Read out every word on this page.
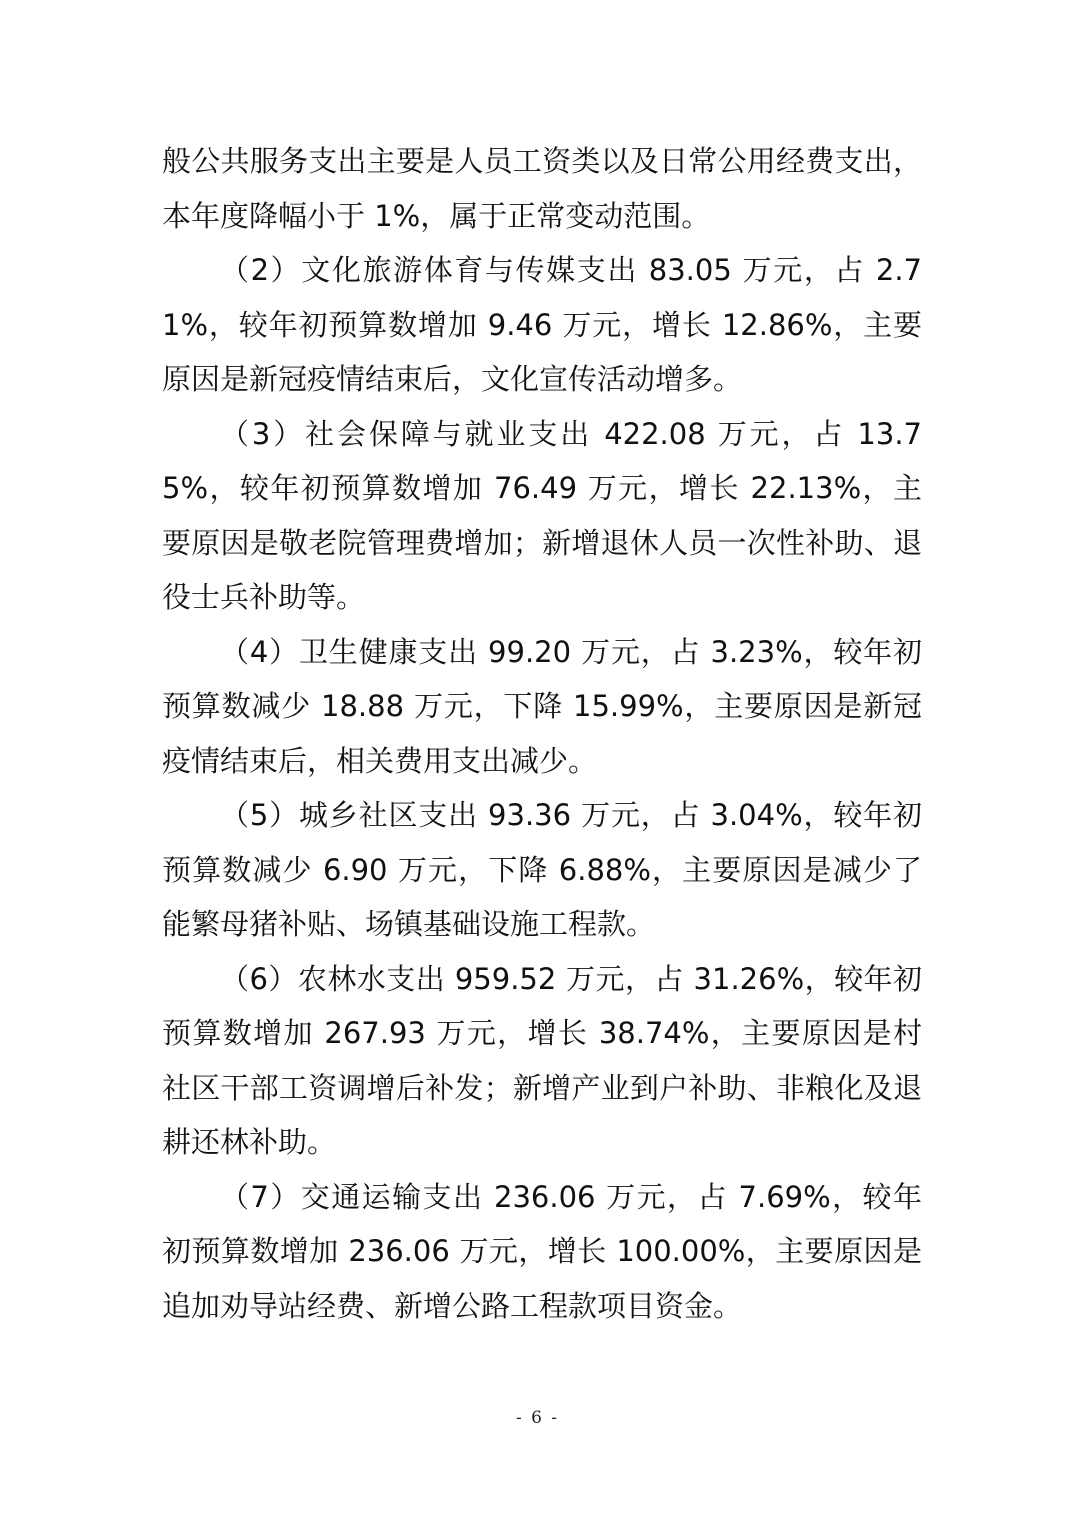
般公共服务支出主要是人员工资类以及日常公用经费支出，本年度降幅小于 1%，属于正常变动范围。

（2）文化旅游体育与传媒支出 83.05 万元，占 2.71%，较年初预算数增加 9.46 万元，增长 12.86%，主要原因是新冠疫情结束后，文化宣传活动增多。

（3）社会保障与就业支出 422.08 万元，占 13.75%，较年初预算数增加 76.49 万元，增长 22.13%，主要原因是敬老院管理费增加；新增退休人员一次性补助、退役士兵补助等。

（4）卫生健康支出 99.20 万元，占 3.23%，较年初预算数减少 18.88 万元，下降 15.99%，主要原因是新冠疫情结束后，相关费用支出减少。

（5）城乡社区支出 93.36 万元，占 3.04%，较年初预算数减少 6.90 万元，下降 6.88%，主要原因是减少了能繁母猪补贴、场镇基础设施工程款。

（6）农林水支出 959.52 万元，占 31.26%，较年初预算数增加 267.93 万元，增长 38.74%，主要原因是村社区干部工资调增后补发；新增产业到户补助、非粮化及退耕还林补助。

（7）交通运输支出 236.06 万元，占 7.69%，较年初预算数增加 236.06 万元，增长 100.00%，主要原因是追加劝导站经费、新增公路工程款项目资金。

- 6 -
